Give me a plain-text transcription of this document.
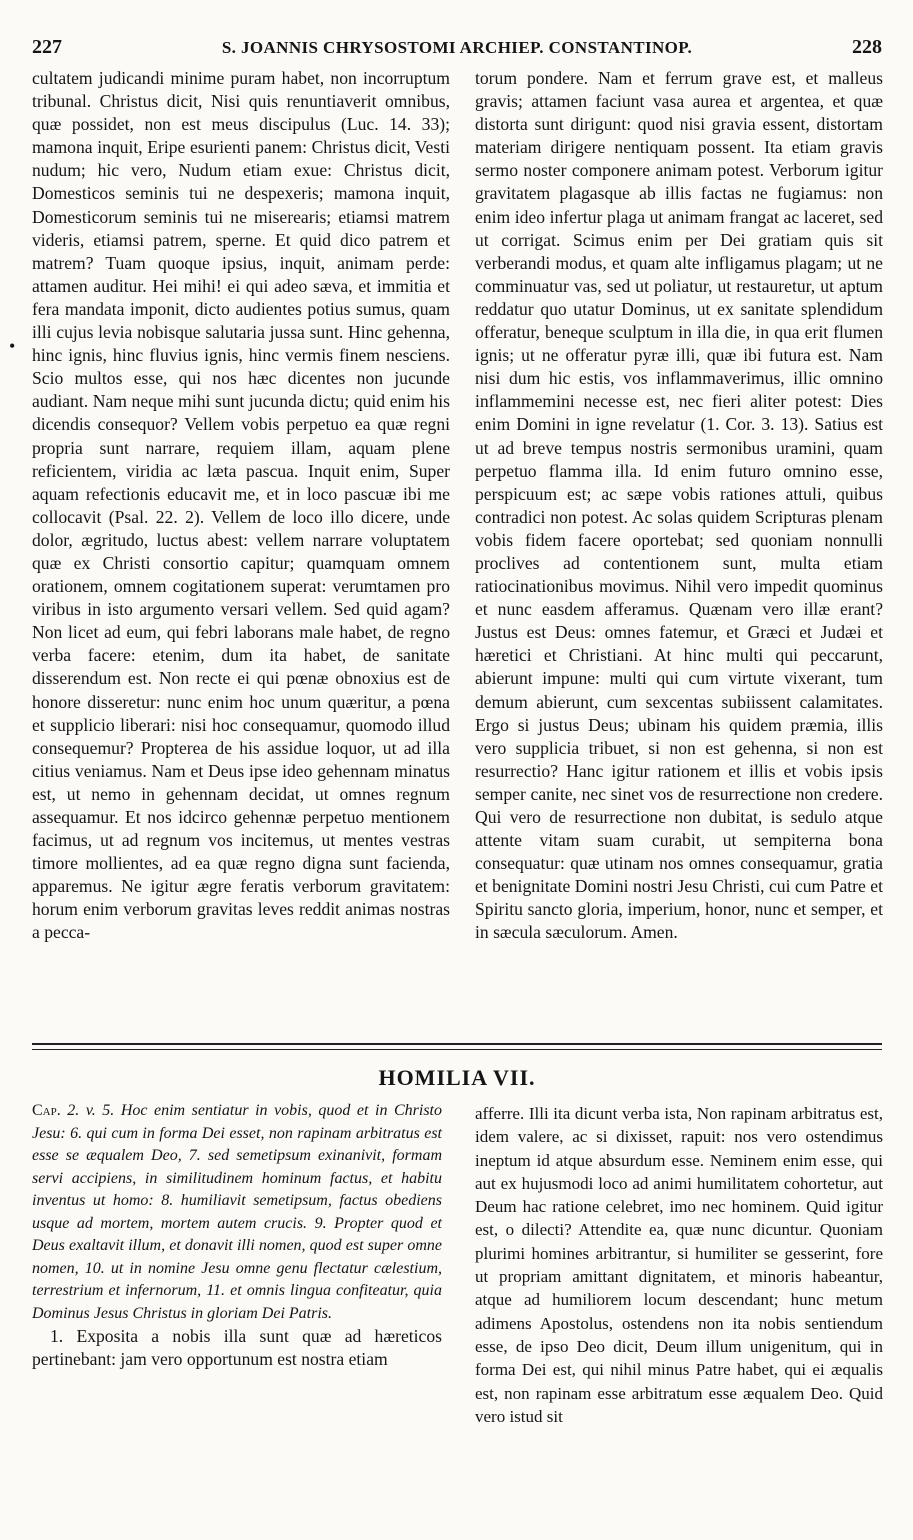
227	S. JOANNIS CHRYSOSTOMI ARCHIEP. CONSTANTINOP.	228
•
cultatem judicandi minime puram habet, non incorruptum tribunal. Christus dicit, Nisi quis renuntiaverit omnibus, quæ possidet, non est meus discipulus (Luc. 14. 33); mamona inquit, Eripe esurienti panem: Christus dicit, Vesti nudum; hic vero, Nudum etiam exue: Christus dicit, Domesticos seminis tui ne despexeris; mamona inquit, Domesticorum seminis tui ne miserearis; etiamsi matrem videris, etiamsi patrem, sperne. Et quid dico patrem et matrem? Tuam quoque ipsius, inquit, animam perde: attamen auditur. Hei mihi! ei qui adeo sæva, et immitia et fera mandata imponit, dicto audientes potius sumus, quam illi cujus levia nobisque salutaria jussa sunt. Hinc gehenna, hinc ignis, hinc fluvius ignis, hinc vermis finem nesciens. Scio multos esse, qui nos hæc dicentes non jucunde audiant. Nam neque mihi sunt jucunda dictu; quid enim his dicendis consequor? Vellem vobis perpetuo ea quæ regni propria sunt narrare, requiem illam, aquam plene reficientem, viridia ac læta pascua. Inquit enim, Super aquam refectionis educavit me, et in loco pascuæ ibi me collocavit (Psal. 22. 2). Vellem de loco illo dicere, unde dolor, ægritudo, luctus abest: vellem narrare voluptatem quæ ex Christi consortio capitur; quamquam omnem orationem, omnem cogitationem superat: verumtamen pro viribus in isto argumento versari vellem. Sed quid agam? Non licet ad eum, qui febri laborans male habet, de regno verba facere: etenim, dum ita habet, de sanitate disserendum est. Non recte ei qui pœnæ obnoxius est de honore disseretur: nunc enim hoc unum quæritur, a pœna et supplicio liberari: nisi hoc consequamur, quomodo illud consequemur? Propterea de his assidue loquor, ut ad illa citius veniamus. Nam et Deus ipse ideo gehennam minatus est, ut nemo in gehennam decidat, ut omnes regnum assequamur. Et nos idcirco gehennæ perpetuo mentionem facimus, ut ad regnum vos incitemus, ut mentes vestras timore mollientes, ad ea quæ regno digna sunt facienda, apparemus. Ne igitur ægre feratis verborum gravitatem: horum enim verborum gravitas leves reddit animas nostras a pecca-
torum pondere. Nam et ferrum grave est, et malleus gravis; attamen faciunt vasa aurea et argentea, et quæ distorta sunt dirigunt: quod nisi gravia essent, distortam materiam dirigere nentiquam possent. Ita etiam gravis sermo noster componere animam potest. Verborum igitur gravitatem plagasque ab illis factas ne fugiamus: non enim ideo infertur plaga ut animam frangat ac laceret, sed ut corrigat. Scimus enim per Dei gratiam quis sit verberandi modus, et quam alte infligamus plagam; ut ne comminuatur vas, sed ut poliatur, ut restauretur, ut aptum reddatur quo utatur Dominus, ut ex sanitate splendidum offeratur, beneque sculptum in illa die, in qua erit flumen ignis; ut ne offeratur pyræ illi, quæ ibi futura est. Nam nisi dum hic estis, vos inflammaverimus, illic omnino inflammemini necesse est, nec fieri aliter potest: Dies enim Domini in igne revelatur (1. Cor. 3. 13). Satius est ut ad breve tempus nostris sermonibus uramini, quam perpetuo flamma illa. Id enim futuro omnino esse, perspicuum est; ac sæpe vobis rationes attuli, quibus contradici non potest. Ac solas quidem Scripturas plenam vobis fidem facere oportebat; sed quoniam nonnulli proclives ad contentionem sunt, multa etiam ratiocinationibus movimus. Nihil vero impedit quominus et nunc easdem afferamus. Quænam vero illæ erant? Justus est Deus: omnes fatemur, et Græci et Judæi et hæretici et Christiani. At hinc multi qui peccarunt, abierunt impune: multi qui cum virtute vixerant, tum demum abierunt, cum sexcentas subiissent calamitates. Ergo si justus Deus; ubinam his quidem præmia, illis vero supplicia tribuet, si non est gehenna, si non est resurrectio? Hanc igitur rationem et illis et vobis ipsis semper canite, nec sinet vos de resurrectione non credere. Qui vero de resurrectione non dubitat, is sedulo atque attente vitam suam curabit, ut sempiterna bona consequatur: quæ utinam nos omnes consequamur, gratia et benignitate Domini nostri Jesu Christi, cui cum Patre et Spiritu sancto gloria, imperium, honor, nunc et semper, et in sæcula sæculorum. Amen.
HOMILIA VII.

Cap. 2. v. 5. Hoc enim sentiatur in vobis, quod et in Christo Jesu: 6. qui cum in forma Dei esset, non rapinam arbitratus est esse se æqualem Deo, 7. sed semetipsum exinanivit, formam servi accipiens, in similitudinem hominum factus, et habitu inventus ut homo: 8. humiliavit semetipsum, factus obediens usque ad mortem, mortem autem crucis. 9. Propter quod et Deus exaltavit illum, et donavit illi nomen, quod est super omne nomen, 10. ut in nomine Jesu omne genu flectatur cælestium, terrestrium et infernorum, 11. et omnis lingua confiteatur, quia Dominus Jesus Christus in gloriam Dei Patris.

1. Exposita a nobis illa sunt quæ ad hæreticos pertinebant: jam vero opportunum est nostra etiam

afferre. Illi ita dicunt verba ista, Non rapinam arbitratus est, idem valere, ac si dixisset, rapuit: nos vero ostendimus ineptum id atque absurdum esse. Neminem enim esse, qui aut ex hujusmodi loco ad animi humilitatem cohortetur, aut Deum hac ratione celebret, imo nec hominem. Quid igitur est, o dilecti? Attendite ea, quæ nunc dicuntur. Quoniam plurimi homines arbitrantur, si humiliter se gesserint, fore ut propriam amittant dignitatem, et minoris habeantur, atque ad humiliorem locum descendant; hunc metum adimens Apostolus, ostendens non ita nobis sentiendum esse, de ipso Deo dicit, Deum illum unigenitum, qui in forma Dei est, qui nihil minus Patre habet, qui ei æqualis est, non rapinam esse arbitratum esse æqualem Deo. Quid vero istud sit
